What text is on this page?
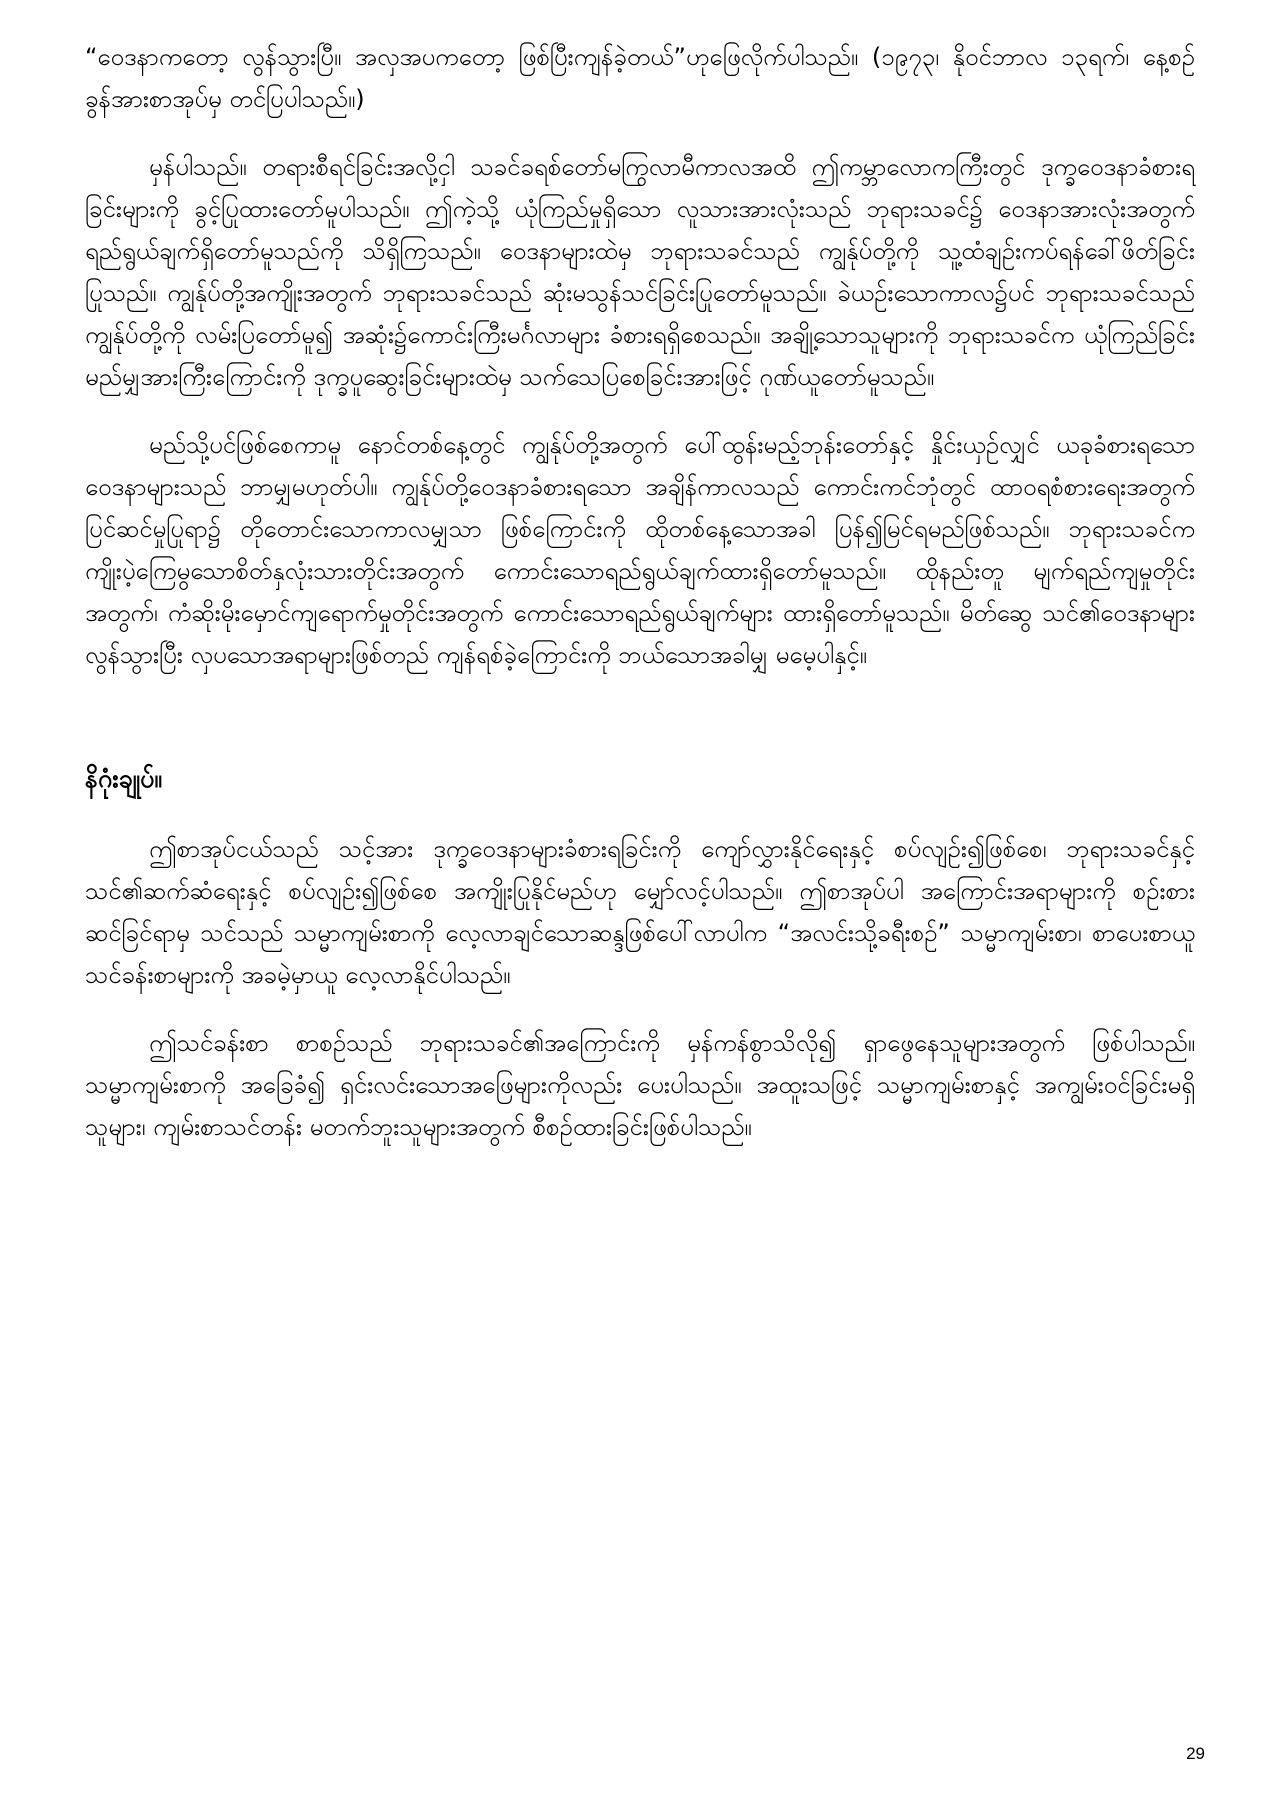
“ဝေဒနာကတော့ လွန်သွားပြီ။ အလှအပကတော့ ဖြစ်ပြီးကျန်ခဲ့တယ်”ဟုဖြေလိုက်ပါသည်။ (၁၉၇၃၊ နိုဝင်ဘာလ ၁၃ရက်၊ နေ့စဉ်ခွန်အားစာအုပ်မှ တင်ပြပါသည်။)

မှန်ပါသည်။ တရားစီရင်ခြင်းအလို့ငှါ သခင်ခရစ်တော်မကြွလာမီကာလအထိ ဤကမ္ဘာလောကကြီးတွင် ဒုက္ခဝေဒနာခံစားရခြင်းများကို ခွင့်ပြုထားတော်မူပါသည်။ ဤကဲ့သို့ ယုံကြည်မှုရှိသော လူသားအားလုံးသည် ဘုရားသခင်၌ ဝေဒနာအားလုံးအတွက် ရည်ရွယ်ချက်ရှိတော်မူသည်ကို သိရှိကြသည်။ ဝေဒနာများထဲမှ ဘုရားသခင်သည် ကျွန်ုပ်တို့ကို သူ့ထံချဉ်းကပ်ရန်ခေါ်ဖိတ်ခြင်းပြုသည်။ ကျွန်ုပ်တို့အကျိုးအတွက် ဘုရားသခင်သည် ဆုံးမသွန်သင်ခြင်းပြုတော်မူသည်။ ခဲယဉ်းသောကာလ၌ပင် ဘုရားသခင်သည် ကျွန်ုပ်တို့ကို လမ်းပြတော်မူ၍ အဆုံး၌ကောင်းကြီးမင်္ဂလာများ ခံစားရရှိစေသည်။ အချို့သောသူများကို ဘုရားသခင်က ယုံကြည်ခြင်းမည်မျှအားကြီးကြောင်းကို ဒုက္ခပူဆွေးခြင်းများထဲမှ သက်သေပြစေခြင်းအားဖြင့် ဂုဏ်ယူတော်မူသည်။

မည်သို့ပင်ဖြစ်စေကာမူ နောင်တစ်နေ့တွင် ကျွန်ုပ်တို့အတွက် ပေါ်ထွန်းမည့်ဘုန်းတော်နှင့် နှိုင်းယှဉ်လျှင် ယခုခံစားရသော ဝေဒနာများသည် ဘာမျှမဟုတ်ပါ။ ကျွန်ုပ်တို့ဝေဒနာခံစားရသော အချိန်ကာလသည် ကောင်းကင်ဘုံတွင် ထာဝရစံစားရေးအတွက် ပြင်ဆင်မှုပြုရာ၌ တိုတောင်းသောကာလမျှသာ ဖြစ်ကြောင်းကို ထိုတစ်နေ့သောအခါ ပြန်၍မြင်ရမည်ဖြစ်သည်။ ဘုရားသခင်က ကျိုးပဲ့ကြေမွသောစိတ်နှလုံးသားတိုင်းအတွက် ကောင်းသောရည်ရွယ်ချက်ထားရှိတော်မူသည်။ ထိုနည်းတူ မျက်ရည်ကျမှုတိုင်းအတွက်၊ ကံဆိုးမိုးမှောင်ကျရောက်မှုတိုင်းအတွက် ကောင်းသောရည်ရွယ်ချက်များ ထားရှိတော်မူသည်။ မိတ်ဆွေ သင်၏ဝေဒနာများ လွန်သွားပြီး လှပသောအရာများဖြစ်တည် ကျန်ရစ်ခဲ့ကြောင်းကို ဘယ်သောအခါမျှ မမေ့ပါနှင့်။

နိဂုံးချုပ်။

ဤစာအုပ်ငယ်သည် သင့်အား ဒုက္ခဝေဒနာများခံစားရခြင်းကို ကျော်လွှားနိုင်ရေးနှင့် စပ်လျဉ်း၍ဖြစ်စေ၊ ဘုရားသခင်နှင့် သင်၏ဆက်ဆံရေးနှင့် စပ်လျဉ်း၍ဖြစ်စေ အကျိုးပြုနိုင်မည်ဟု မျှော်လင့်ပါသည်။ ဤစာအုပ်ပါ အကြောင်းအရာများကို စဉ်းစားဆင်ခြင်ရာမှ သင်သည် သမ္မာကျမ်းစာကို လေ့လာချင်သောဆန္ဒဖြစ်ပေါ်လာပါက “အလင်းသို့ခရီးစဉ်” သမ္မာကျမ်းစာ၊ စာပေးစာယူသင်ခန်းစာများကို အခမဲ့မှာယူ လေ့လာနိုင်ပါသည်။

ဤသင်ခန်းစာ စာစဉ်သည် ဘုရားသခင်၏အကြောင်းကို မှန်ကန်စွာသိလို၍ ရှာဖွေနေသူများအတွက် ဖြစ်ပါသည်။ သမ္မာကျမ်းစာကို အခြေခံ၍ ရှင်းလင်းသောအဖြေများကိုလည်း ပေးပါသည်။ အထူးသဖြင့် သမ္မာကျမ်းစာနှင့် အကျွမ်းဝင်ခြင်းမရှိသူများ၊ ကျမ်းစာသင်တန်း မတက်ဘူးသူများအတွက် စီစဉ်ထားခြင်းဖြစ်ပါသည်။

29
